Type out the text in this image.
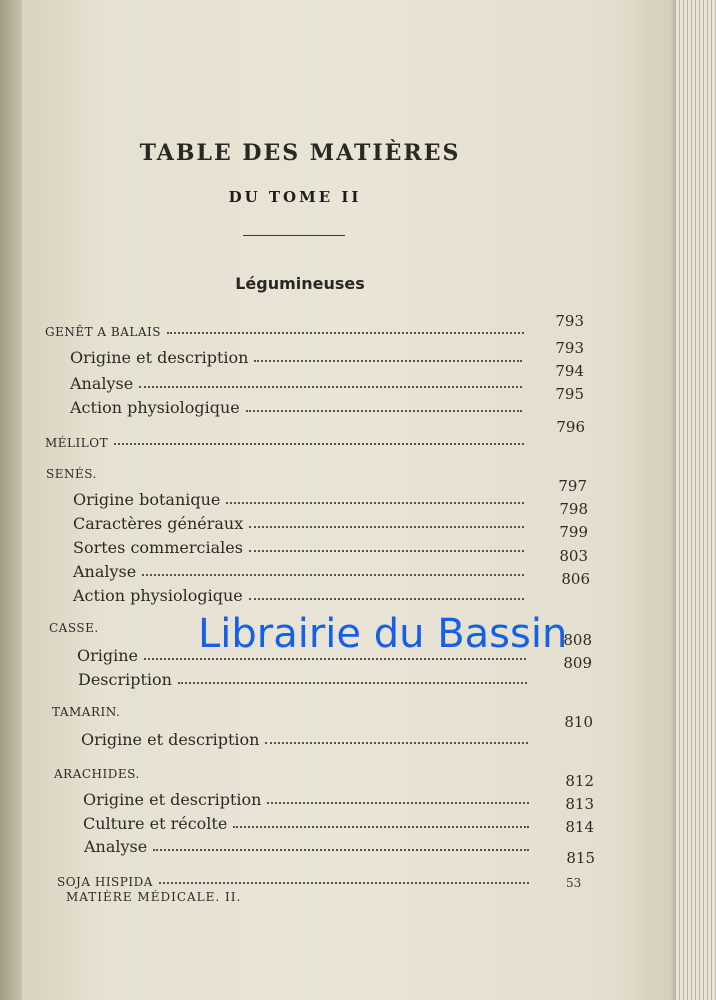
TABLE DES MATIÈRES
DU TOME II
Légumineuses
GENÊT A BALAIS
793
Origine et description	793
Analyse
794
Action physiologique
795
MÉLILOT
796
SENÉS.
Origine botanique
797
Caractères généraux
798
Sortes commerciales
799
Analyse
803
Action physiologique
806
CASSE.
Origine
808
Description
809
TAMARIN.
Origine et description
810
ARACHIDES.
Origine et description
812
Culture et récolte
813
Analyse
814
SOJA HISPIDA
815
MATIÈRE MÉDICALE. II.
53
Librairie du Bassin
